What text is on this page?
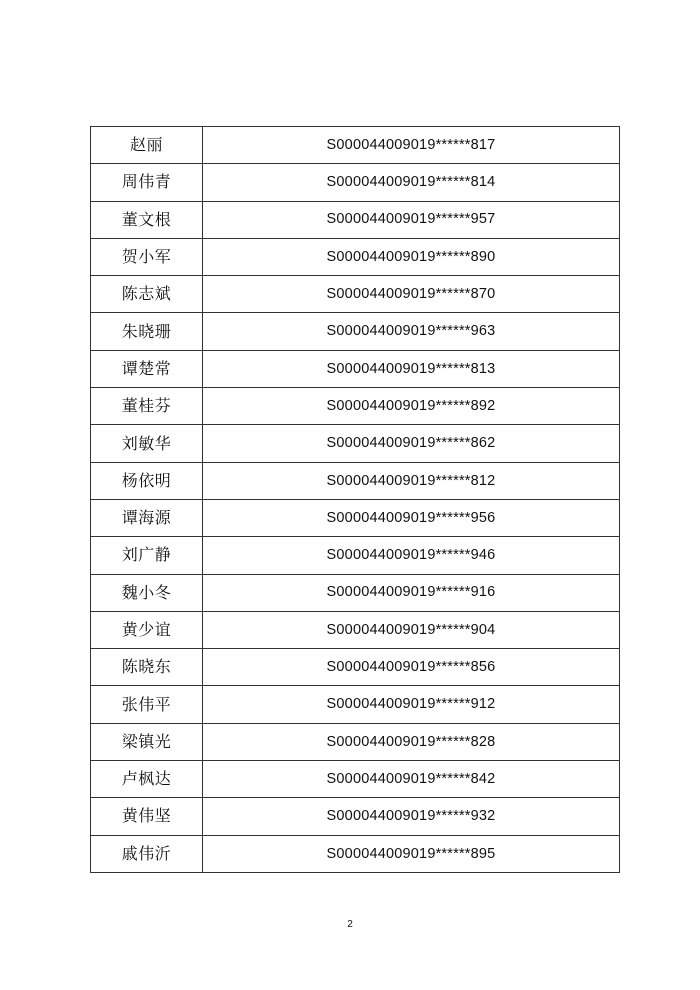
赵丽	S000044009019******817
周伟青	S000044009019******814
董文根	S000044009019******957
贺小军	S000044009019******890
陈志斌	S000044009019******870
朱晓珊	S000044009019******963
谭楚常	S000044009019******813
董桂芬	S000044009019******892
刘敏华	S000044009019******862
杨依明	S000044009019******812
谭海源	S000044009019******956
刘广静	S000044009019******946
魏小冬	S000044009019******916
黄少谊	S000044009019******904
陈晓东	S000044009019******856
张伟平	S000044009019******912
梁镇光	S000044009019******828
卢枫达	S000044009019******842
黄伟坚	S000044009019******932
戚伟沂	S000044009019******895
2
